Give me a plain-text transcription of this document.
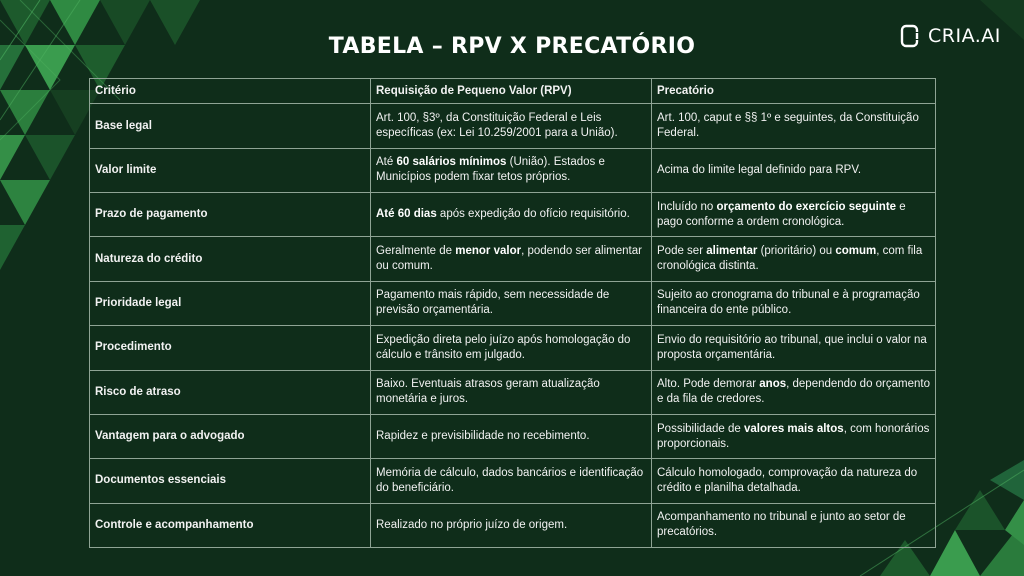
TABELA – RPV X PRECATÓRIO	CRIA.AI
Critério	Requisição de Pequeno Valor (RPV)	Precatório
Base legal	Art. 100, §3º, da Constituição Federal e Leis específicas (ex: Lei 10.259/2001 para a União).	Art. 100, caput e §§ 1º e seguintes, da Constituição Federal.
Valor limite	Até 60 salários mínimos (União). Estados e Municípios podem fixar tetos próprios.	Acima do limite legal definido para RPV.
Prazo de pagamento	Até 60 dias após expedição do ofício requisitório.	Incluído no orçamento do exercício seguinte e pago conforme a ordem cronológica.
Natureza do crédito	Geralmente de menor valor, podendo ser alimentar ou comum.	Pode ser alimentar (prioritário) ou comum, com fila cronológica distinta.
Prioridade legal	Pagamento mais rápido, sem necessidade de previsão orçamentária.	Sujeito ao cronograma do tribunal e à programação financeira do ente público.
Procedimento	Expedição direta pelo juízo após homologação do cálculo e trânsito em julgado.	Envio do requisitório ao tribunal, que inclui o valor na proposta orçamentária.
Risco de atraso	Baixo. Eventuais atrasos geram atualização monetária e juros.	Alto. Pode demorar anos, dependendo do orçamento e da fila de credores.
Vantagem para o advogado	Rapidez e previsibilidade no recebimento.	Possibilidade de valores mais altos, com honorários proporcionais.
Documentos essenciais	Memória de cálculo, dados bancários e identificação do beneficiário.	Cálculo homologado, comprovação da natureza do crédito e planilha detalhada.
Controle e acompanhamento	Realizado no próprio juízo de origem.	Acompanhamento no tribunal e junto ao setor de precatórios.
